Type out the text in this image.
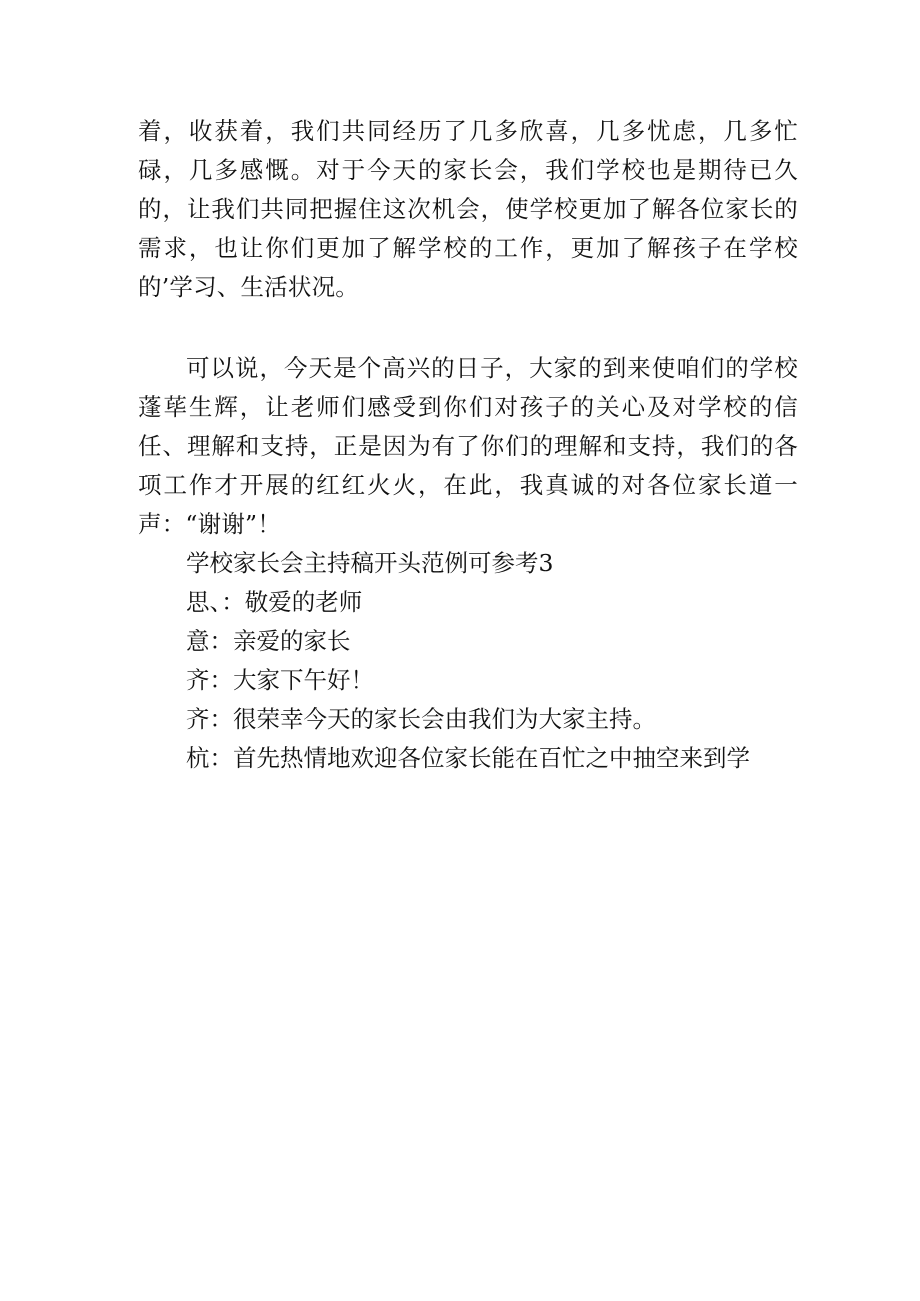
着，收获着，我们共同经历了几多欣喜，几多忧虑，几多忙碌，几多感慨。对于今天的家长会，我们学校也是期待已久的，让我们共同把握住这次机会，使学校更加了解各位家长的需求，也让你们更加了解学校的工作，更加了解孩子在学校的’学习、生活状况。

可以说，今天是个高兴的日子，大家的到来使咱们的学校蓬荜生辉，让老师们感受到你们对孩子的关心及对学校的信任、理解和支持，正是因为有了你们的理解和支持，我们的各项工作才开展的红红火火，在此，我真诚的对各位家长道一声：“谢谢”！

学校家长会主持稿开头范例可参考3

思、：敬爱的老师

意：亲爱的家长

齐：大家下午好！

齐：很荣幸今天的家长会由我们为大家主持。

杭：首先热情地欢迎各位家长能在百忙之中抽空来到学
